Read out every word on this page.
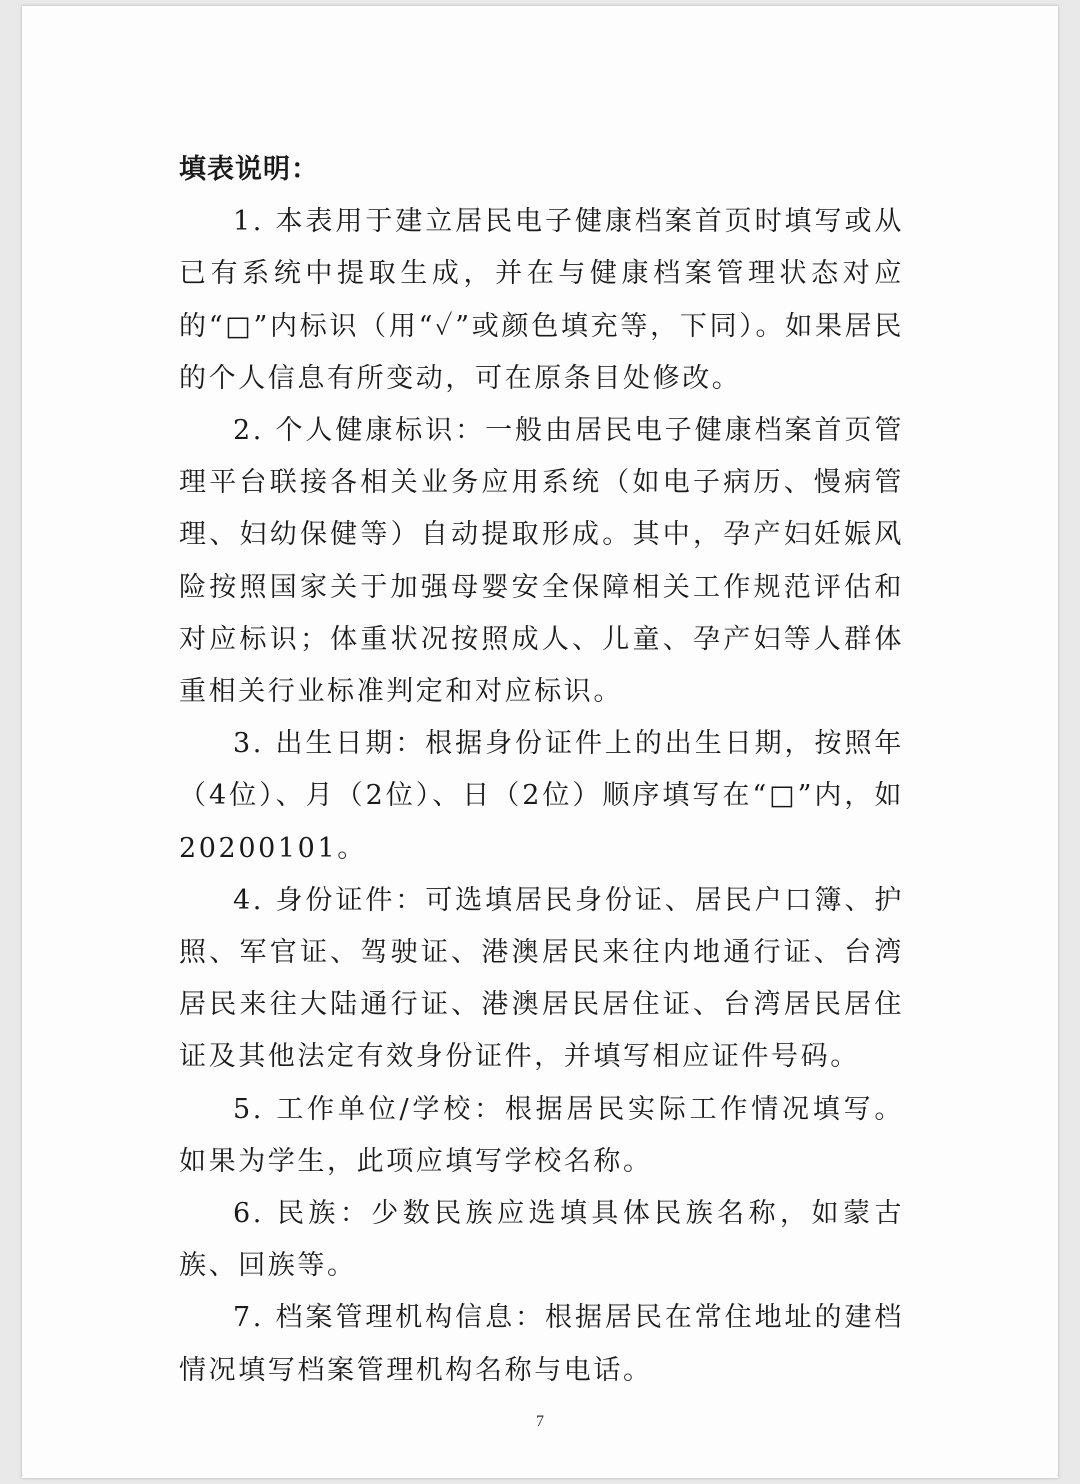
填表说明：

1. 本表用于建立居民电子健康档案首页时填写或从已有系统中提取生成，并在与健康档案管理状态对应的“□”内标识（用“✓”或颜色填充等，下同）。如果居民的个人信息有所变动，可在原条目处修改。

2. 个人健康标识：一般由居民电子健康档案首页管理平台联接各相关业务应用系统（如电子病历、慢病管理、妇幼保健等）自动提取形成。其中，孕产妇妊娠风险按照国家关于加强母婴安全保障相关工作规范评估和对应标识；体重状况按照成人、儿童、孕产妇等人群体重相关行业标准判定和对应标识。

3. 出生日期：根据身份证件上的出生日期，按照年（4位）、月（2位）、日（2位）顺序填写在“□”内，如20200101。

4. 身份证件：可选填居民身份证、居民户口簿、护照、军官证、驾驶证、港澳居民来往内地通行证、台湾居民来往大陆通行证、港澳居民居住证、台湾居民居住证及其他法定有效身份证件，并填写相应证件号码。

5. 工作单位/学校：根据居民实际工作情况填写。如果为学生，此项应填写学校名称。

6. 民族：少数民族应选填具体民族名称，如蒙古族、回族等。

7. 档案管理机构信息：根据居民在常住地址的建档情况填写档案管理机构名称与电话。

7
